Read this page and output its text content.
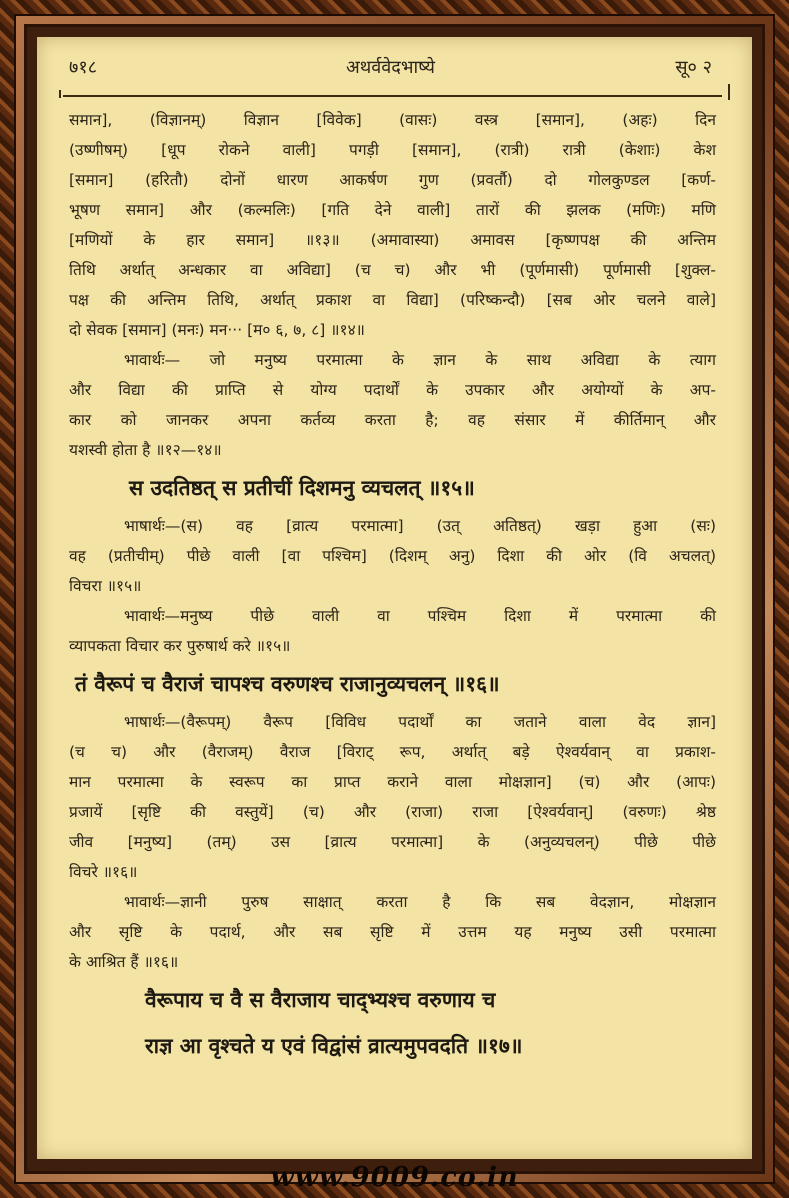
७१८	अथर्ववेदभाष्ये	सू० २
समान], (विज्ञानम्) विज्ञान [विवेक] (वासः) वस्त्र [समान], (अहः) दिन
(उष्णीषम्) [धूप रोकने वाली] पगड़ी [समान], (रात्री) रात्री (केशाः) केश
[समान] (हरितौ) दोनों धारण आकर्षण गुण (प्रवर्तौ) दो गोलकुण्डल [कर्ण-
भूषण समान] और (कल्मलिः) [गति देने वाली] तारों की झलक (मणिः) मणि
[मणियों के हार समान] ॥१३॥ (अमावास्या) अमावस [कृष्णपक्ष की अन्तिम
तिथि अर्थात् अन्धकार वा अविद्या] (च च) और भी (पूर्णमासी) पूर्णमासी [शुक्ल-
पक्ष की अन्तिम तिथि, अर्थात् प्रकाश वा विद्या] (परिष्कन्दौ) [सब ओर चलने वाले]
दो सेवक [समान] (मनः) मन··· [म० ६, ७, ८] ॥१४॥
भावार्थः— जो मनुष्य परमात्मा के ज्ञान के साथ अविद्या के त्याग
और विद्या की प्राप्ति से योग्य पदार्थों के उपकार और अयोग्यों के अप-
कार को जानकर अपना कर्तव्य करता है; वह संसार में कीर्तिमान् और
यशस्वी होता है ॥१२—१४॥
स उदतिष्ठत् स प्रतीचीं दिशमनु व्यचलत् ॥१५॥
भाषार्थः—(स) वह [व्रात्य परमात्मा] (उत् अतिष्ठत्) खड़ा हुआ (सः)
वह (प्रतीचीम्) पीछे वाली [वा पश्चिम] (दिशम् अनु) दिशा की ओर (वि अचलत्)
विचरा ॥१५॥
भावार्थः—मनुष्य पीछे वाली वा पश्चिम दिशा में परमात्मा की
व्यापकता विचार कर पुरुषार्थ करे ॥१५॥
तं वैरूपं च वैराजं चापश्च वरुणश्च राजानुव्यचलन् ॥१६॥
भाषार्थः—(वैरूपम्) वैरूप [विविध पदार्थों का जताने वाला वेद ज्ञान]
(च च) और (वैराजम्) वैराज [विराट् रूप, अर्थात् बड़े ऐश्वर्यवान् वा प्रकाश-
मान परमात्मा के स्वरूप का प्राप्त कराने वाला मोक्षज्ञान] (च) और (आपः)
प्रजायें [सृष्टि की वस्तुयें] (च) और (राजा) राजा [ऐश्वर्यवान्] (वरुणः) श्रेष्ठ
जीव [मनुष्य] (तम्) उस [व्रात्य परमात्मा] के (अनुव्यचलन्) पीछे पीछे
विचरे ॥१६॥
भावार्थः—ज्ञानी पुरुष साक्षात् करता है कि सब वेदज्ञान, मोक्षज्ञान
और सृष्टि के पदार्थ, और सब सृष्टि में उत्तम यह मनुष्य उसी परमात्मा
के आश्रित हैं ॥१६॥
वैरूपाय च वै स वैराजाय चाद्भ्यश्च वरुणाय च
राज्ञ आ वृश्चते य एवं विद्वांसं व्रात्यमुपवदति ॥१७॥
www.9009.co.in
